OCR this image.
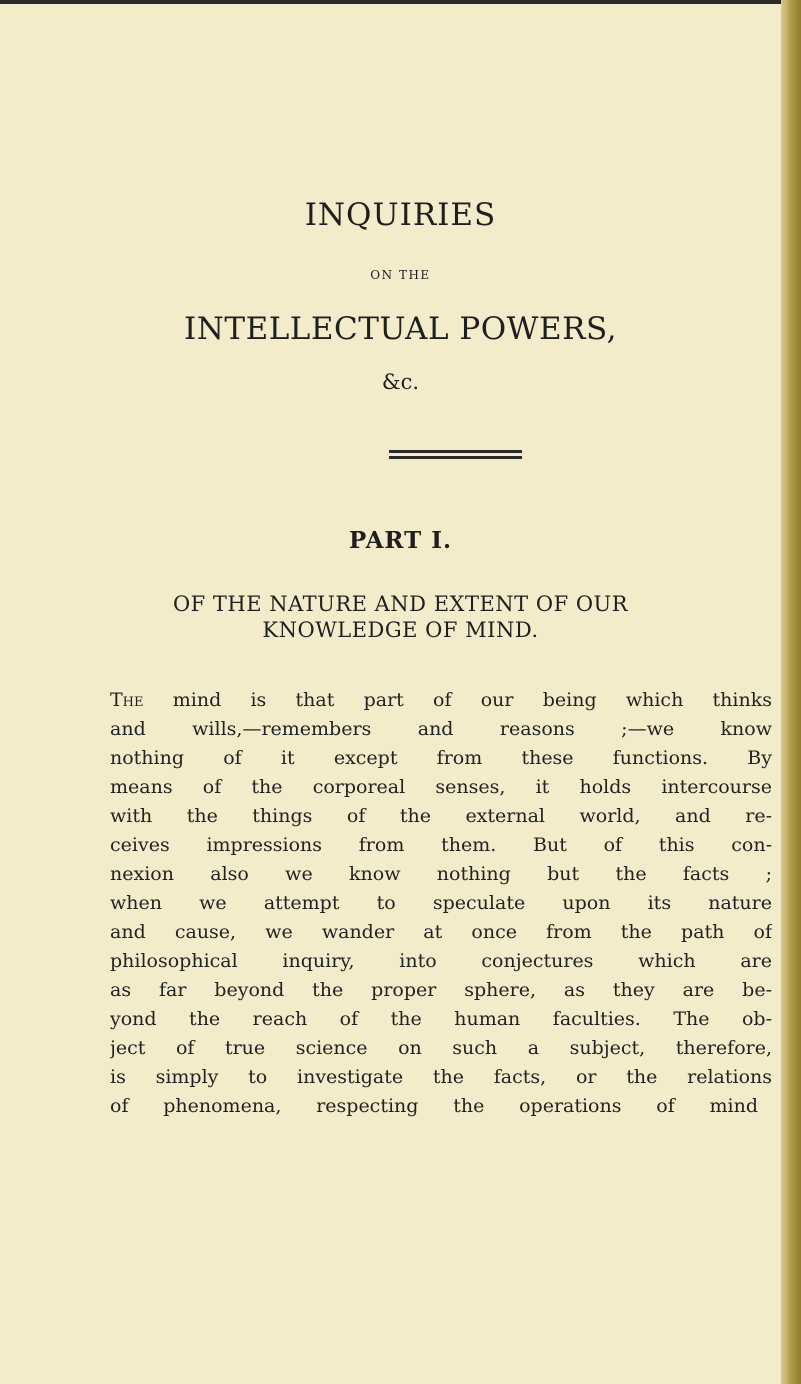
INQUIRIES
ON THE
INTELLECTUAL POWERS,
&c.
PART I.
OF THE NATURE AND EXTENT OF OUR
KNOWLEDGE OF MIND.
The mind is that part of our being which thinks
and wills,—remembers and reasons ;—we know
nothing of it except from these functions. By
means of the corporeal senses, it holds intercourse
with the things of the external world, and re-
ceives impressions from them. But of this con-
nexion also we know nothing but the facts ;
when we attempt to speculate upon its nature
and cause, we wander at once from the path of
philosophical inquiry, into conjectures which are
as far beyond the proper sphere, as they are be-
yond the reach of the human faculties. The ob-
ject of true science on such a subject, therefore,
is simply to investigate the facts, or the relations
of phenomena, respecting the operations of mind
